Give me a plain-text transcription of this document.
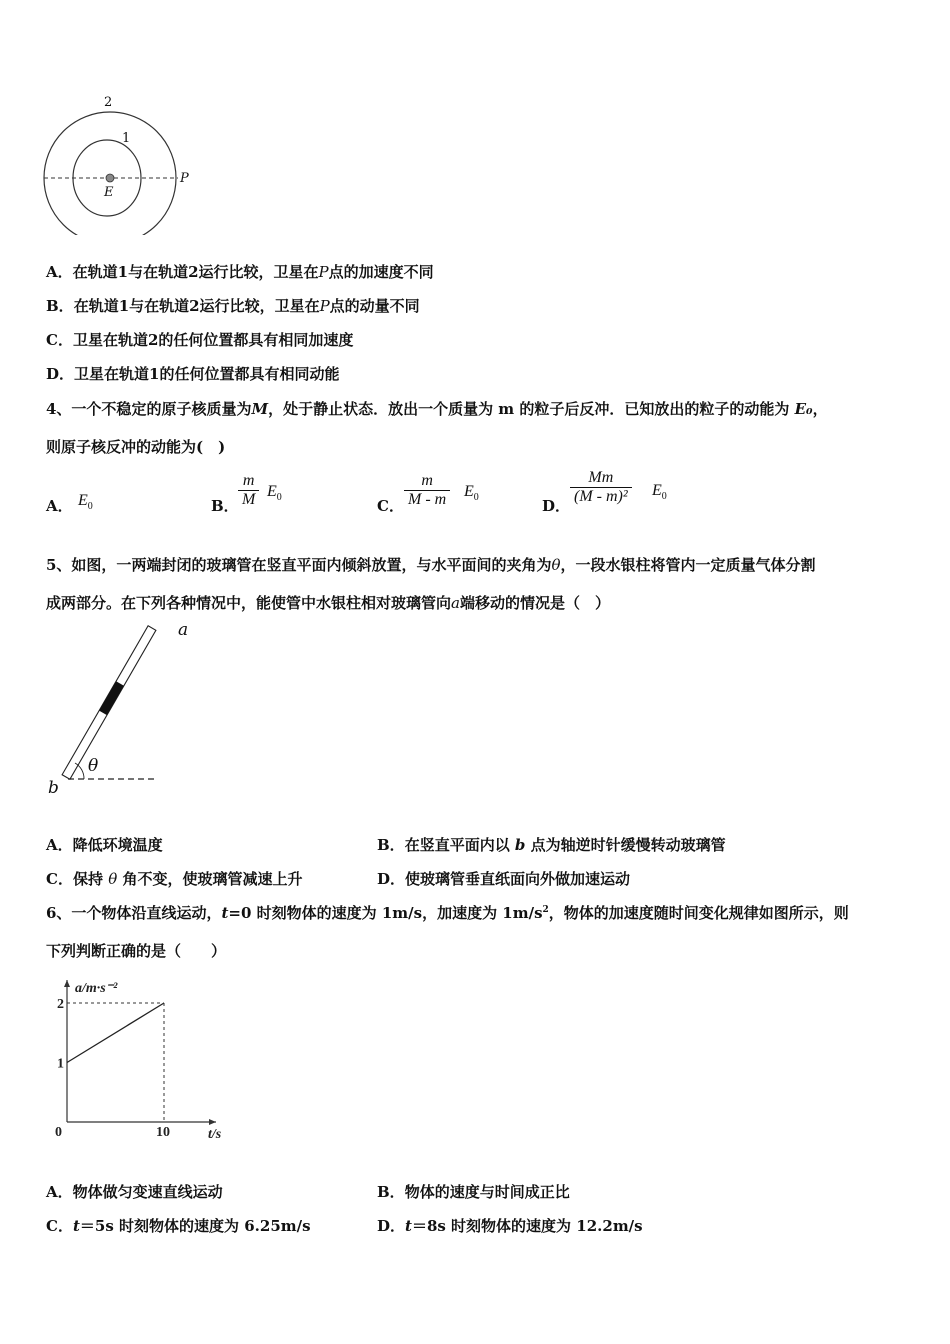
2
1
E
P
A．在轨道1与在轨道2运行比较，卫星在P点的加速度不同
B．在轨道1与在轨道2运行比较，卫星在P点的动量不同
C．卫星在轨道2的任何位置都具有相同加速度
D．卫星在轨道1的任何位置都具有相同动能
4、一个不稳定的原子核质量为M，处于静止状态．放出一个质量为 m 的粒子后反冲．已知放出的粒子的动能为 E₀，
则原子核反冲的动能为(　)
A． $E_0$	B． $\frac{m}{M} E_0$	C． $\frac{m}{M - m} E_0$	D． $\frac{Mm}{\text{(M - m)²}} E_0$
5、如图，一两端封闭的玻璃管在竖直平面内倾斜放置，与水平面间的夹角为θ，一段水银柱将管内一定质量气体分割
成两部分。在下列各种情况中，能使管中水银柱相对玻璃管向a端移动的情况是（　）
a
b
θ
A．降低环境温度	B．在竖直平面内以 b 点为轴逆时针缓慢转动玻璃管
C．保持 θ 角不变，使玻璃管减速上升	D．使玻璃管垂直纸面向外做加速运动
6、一个物体沿直线运动，t=0 时刻物体的速度为 1m/s，加速度为 $1m/s^2$，物体的加速度随时间变化规律如图所示，则
下列判断正确的是（　　）
2
1
0	10
a/m·s⁻²
t/s
A．物体做匀变速直线运动	B．物体的速度与时间成正比
C．t＝5s 时刻物体的速度为 6.25m/s	D．t＝8s 时刻物体的速度为 12.2m/s
